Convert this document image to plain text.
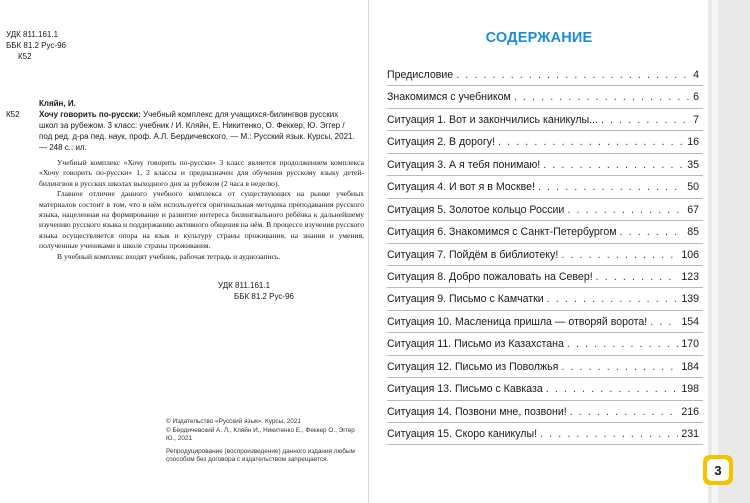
УДК 811.161.1
ББК 81.2 Рус-96
К52
К52
Кляйн, И.
Хочу говорить по-русски: Учебный комплекс для учащихся-билингвов русских школ за рубежом. 3 класс: учебник / И. Кляйн, Е. Никитенко, О. Феккер, Ю. Эггер / под ред. д-ра пед. наук, проф. А.Л. Бердичевского. — М.: Русский язык. Курсы, 2021. — 248 с.: ил.

Учебный комплекс «Хочу говорить по-русски» 3 класс является продолжением комплекса «Хочу говорить по-русски» 1, 2 классы и предназначен для обучения русскому языку детей-билингвов в русских школах выходного дня за рубежом (2 часа в неделю).

Главное отличие данного учебного комплекса от существующих на рынке учебных материалов состоит в том, что в нём используется оригинальная методика преподавания русского языка, нацеленная на формирование и развитие интереса билингвального ребёнка к дальнейшему изучению русского языка и поддержанию активного общения на нём. В процессе изучения русского языка осуществляется опора на язык и культуру страны проживания, на знания и умения, полученные учениками в школе страны проживания.

В учебный комплекс входят учебник, рабочая тетрадь и аудиозапись.

УДК 811.161.1
ББК 81.2 Рус-96
© Издательство «Русский язык». Курсы, 2021
© Бердичевский А. Л., Кляйн И., Никитенко Е., Феккер О., Эггер Ю., 2021
Репродуцирование (воспроизведение) данного издания любым способом без договора с издательством запрещается.
СОДЕРЖАНИЕ
Предисловие . . .	4
Знакомимся с учебником . . .	6
Ситуация 1. Вот и закончились каникулы... . . .	7
Ситуация 2. В дорогу! . . .	16
Ситуация 3. А я тебя понимаю! . . .	35
Ситуация 4. И вот я в Москве! . . .	50
Ситуация 5. Золотое кольцо России . . .	67
Ситуация 6. Знакомимся с Санкт-Петербургом . . .	85
Ситуация 7. Пойдём в библиотеку! . . .	106
Ситуация 8. Добро пожаловать на Север! . . .	123
Ситуация 9. Письмо с Камчатки . . .	139
Ситуация 10. Масленица пришла — отворяй ворота! . . .	154
Ситуация 11. Письмо из Казахстана . . .	170
Ситуация 12. Письмо из Поволжья . . .	184
Ситуация 13. Письмо с Кавказа . . .	198
Ситуация 14. Позвони мне, позвони! . . .	216
Ситуация 15. Скоро каникулы! . . .	231
3
